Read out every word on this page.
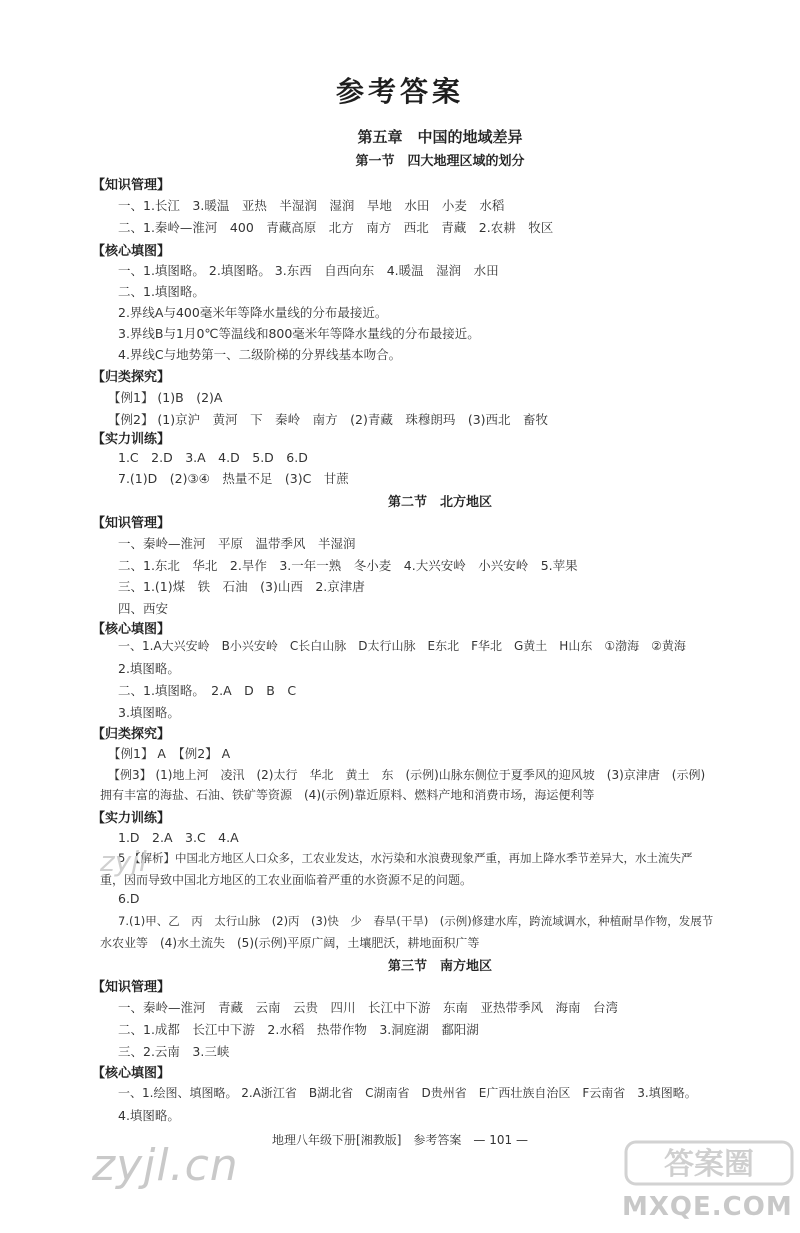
参考答案
第五章　中国的地域差异
第一节　四大地理区域的划分
【知识管理】
一、1.长江　3.暖温　亚热　半湿润　湿润　旱地　水田　小麦　水稻
二、1.秦岭—淮河　400　青藏高原　北方　南方　西北　青藏　2.农耕　牧区
【核心填图】
一、1.填图略。 2.填图略。 3.东西　自西向东　4.暖温　湿润　水田
二、1.填图略。
2.界线A与400毫米年等降水量线的分布最接近。
3.界线B与1月0℃等温线和800毫米年等降水量线的分布最接近。
4.界线C与地势第一、二级阶梯的分界线基本吻合。
【归类探究】
【例1】 (1)B　(2)A
【例2】 (1)京沪　黄河　下　秦岭　南方　(2)青藏　珠穆朗玛　(3)西北　畜牧
【实力训练】
1.C　2.D　3.A　4.D　5.D　6.D
7.(1)D　(2)③④　热量不足　(3)C　甘蔗
第二节　北方地区
【知识管理】
一、秦岭—淮河　平原　温带季风　半湿润
二、1.东北　华北　2.旱作　3.一年一熟　冬小麦　4.大兴安岭　小兴安岭　5.苹果
三、1.(1)煤　铁　石油　(3)山西　2.京津唐
四、西安
【核心填图】
一、1.A大兴安岭　B小兴安岭　C长白山脉　D太行山脉　E东北　F华北　G黄土　H山东　①渤海　②黄海
2.填图略。
二、1.填图略。　2.A　D　B　C
3.填图略。
【归类探究】
【例1】 A　【例2】 A
【例3】 (1)地上河　凌汛　(2)太行　华北　黄土　东　(示例)山脉东侧位于夏季风的迎风坡　(3)京津唐　(示例)
拥有丰富的海盐、石油、铁矿等资源　(4)(示例)靠近原料、燃料产地和消费市场，海运便利等
【实力训练】
1.D　2.A　3.C　4.A
5.【解析】中国北方地区人口众多，工农业发达，水污染和水浪费现象严重，再加上降水季节差异大，水土流失严
重，因而导致中国北方地区的工农业面临着严重的水资源不足的问题。
6.D
7.(1)甲、乙　丙　太行山脉　(2)丙　(3)快　少　春旱(干旱)　(示例)修建水库，跨流域调水，种植耐旱作物，发展节
水农业等　(4)水土流失　(5)(示例)平原广阔，土壤肥沃，耕地面积广等
第三节　南方地区
【知识管理】
一、秦岭—淮河　青藏　云南　云贵　四川　长江中下游　东南　亚热带季风　海南　台湾
二、1.成都　长江中下游　2.水稻　热带作物　3.洞庭湖　鄱阳湖
三、2.云南　3.三峡
【核心填图】
一、1.绘图、填图略。 2.A浙江省　B湖北省　C湖南省　D贵州省　E广西壮族自治区　F云南省　3.填图略。
4.填图略。
地理八年级下册[湘教版]　参考答案　— 101 —
zyjl
zyjl.cn	答案圈
MXQE.COM
